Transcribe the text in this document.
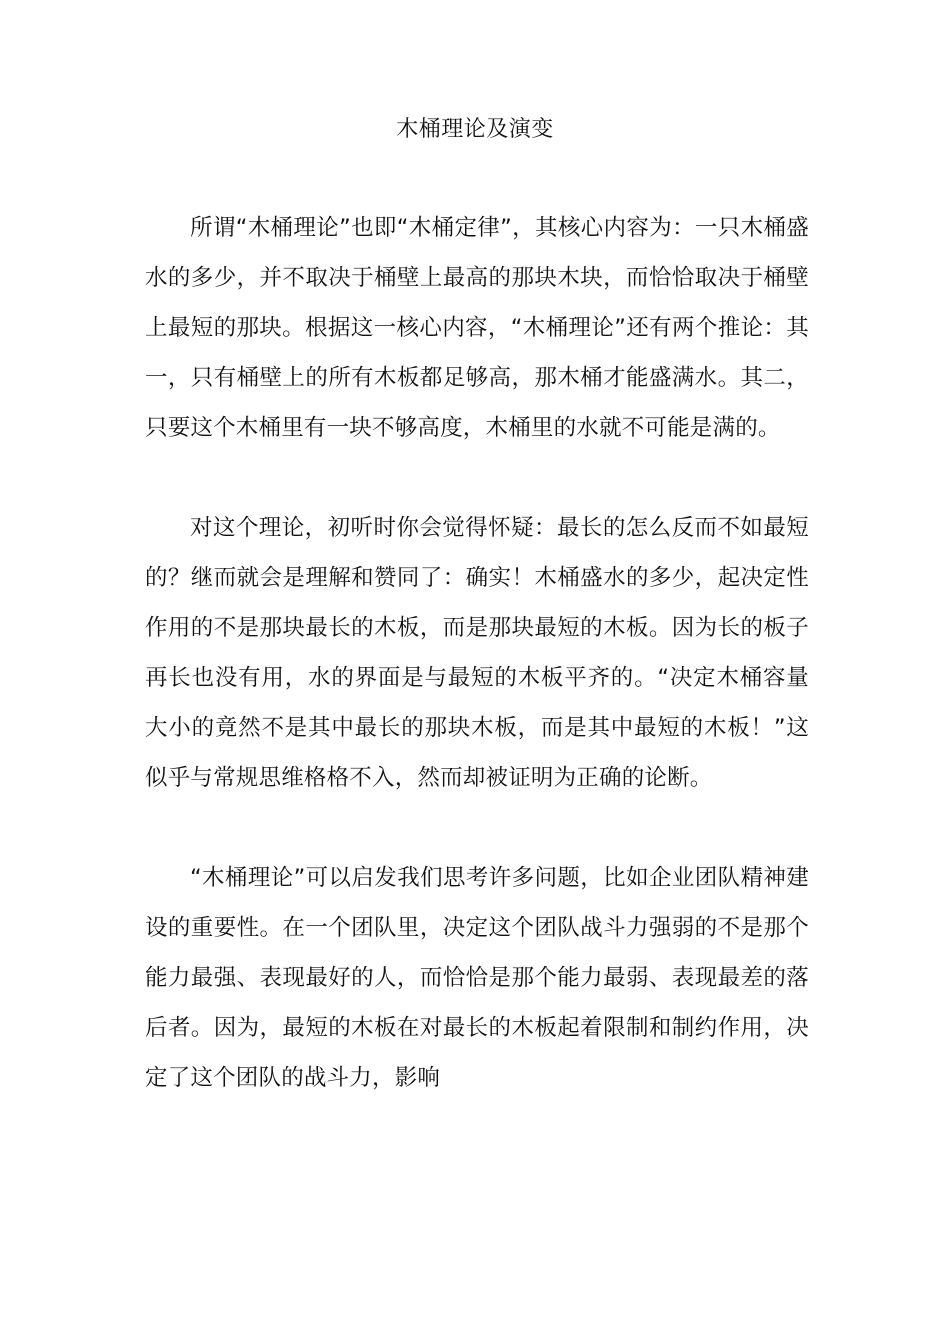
木桶理论及演变

所谓“木桶理论”也即“木桶定律”，其核心内容为：一只木桶盛水的多少，并不取决于桶壁上最高的那块木块，而恰恰取决于桶壁上最短的那块。根据这一核心内容，“木桶理论”还有两个推论：其一，只有桶壁上的所有木板都足够高，那木桶才能盛满水。其二，只要这个木桶里有一块不够高度，木桶里的水就不可能是满的。

对这个理论，初听时你会觉得怀疑：最长的怎么反而不如最短的？继而就会是理解和赞同了：确实！木桶盛水的多少，起决定性作用的不是那块最长的木板，而是那块最短的木板。因为长的板子再长也没有用，水的界面是与最短的木板平齐的。“决定木桶容量大小的竟然不是其中最长的那块木板，而是其中最短的木板！”这似乎与常规思维格格不入，然而却被证明为正确的论断。

“木桶理论”可以启发我们思考许多问题，比如企业团队精神建设的重要性。在一个团队里，决定这个团队战斗力强弱的不是那个能力最强、表现最好的人，而恰恰是那个能力最弱、表现最差的落后者。因为，最短的木板在对最长的木板起着限制和制约作用，决定了这个团队的战斗力，影响
